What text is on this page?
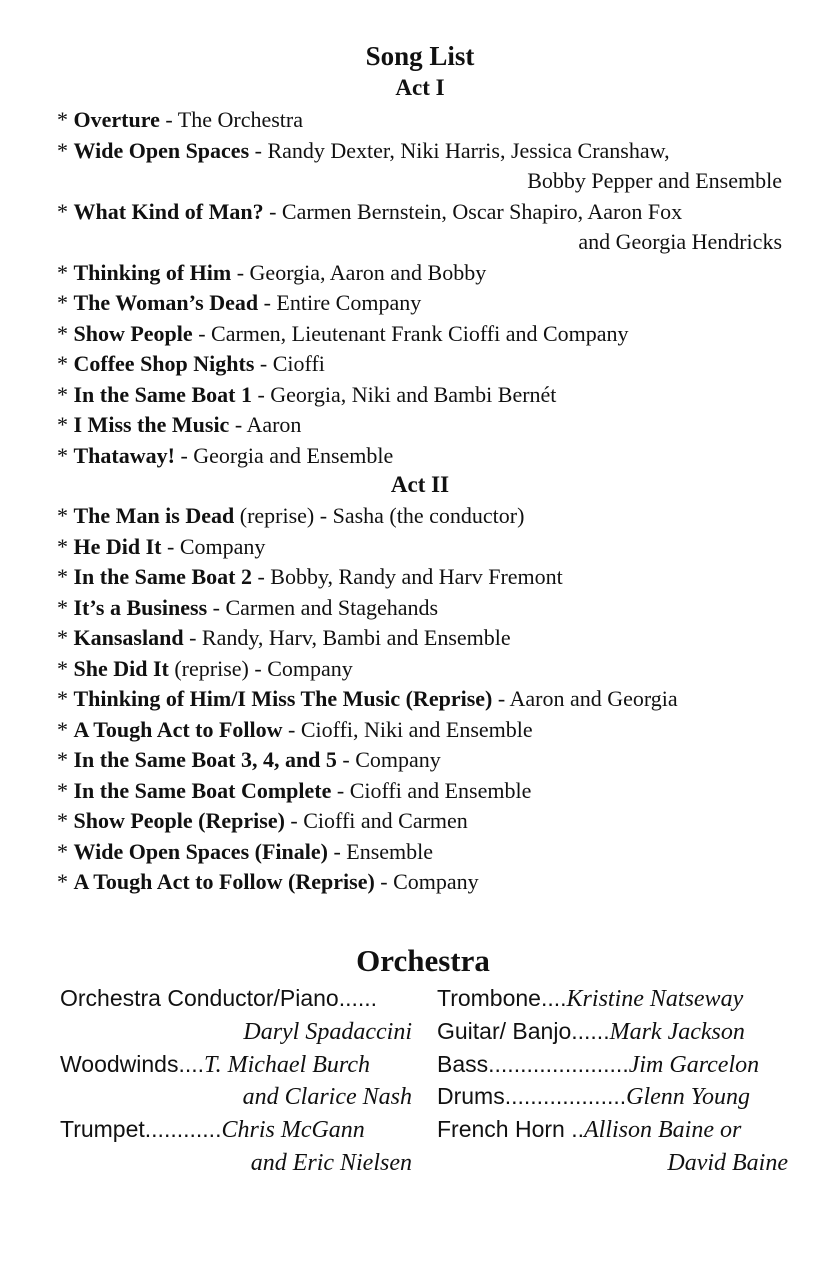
Song List
Act I
* Overture - The Orchestra
* Wide Open Spaces - Randy Dexter, Niki Harris, Jessica Cranshaw,
Bobby Pepper and Ensemble
* What Kind of Man? - Carmen Bernstein, Oscar Shapiro, Aaron Fox
and Georgia Hendricks
* Thinking of Him - Georgia, Aaron and Bobby
* The Woman’s Dead - Entire Company
* Show People - Carmen, Lieutenant Frank Cioffi and Company
* Coffee Shop Nights - Cioffi
* In the Same Boat 1 - Georgia, Niki and Bambi Bernét
* I Miss the Music - Aaron
* Thataway! - Georgia and Ensemble
Act II
* The Man is Dead (reprise) - Sasha (the conductor)
* He Did It - Company
* In the Same Boat 2 - Bobby, Randy and Harv Fremont
* It’s a Business - Carmen and Stagehands
* Kansasland - Randy, Harv, Bambi and Ensemble
* She Did It (reprise) - Company
* Thinking of Him/I Miss The Music (Reprise) - Aaron and Georgia
* A Tough Act to Follow - Cioffi, Niki and Ensemble
* In the Same Boat 3, 4, and 5 - Company
* In the Same Boat Complete - Cioffi and Ensemble
* Show People (Reprise) - Cioffi and Carmen
* Wide Open Spaces (Finale) - Ensemble
* A Tough Act to Follow (Reprise) - Company
Orchestra
Orchestra Conductor/Piano......
Daryl Spadaccini
Woodwinds....T. Michael Burch
and Clarice Nash
Trumpet............Chris McGann
and Eric Nielsen
Trombone....Kristine Natseway
Guitar/ Banjo......Mark Jackson
Bass......................Jim Garcelon
Drums...................Glenn Young
French Horn ..Allison Baine or
David Baine
